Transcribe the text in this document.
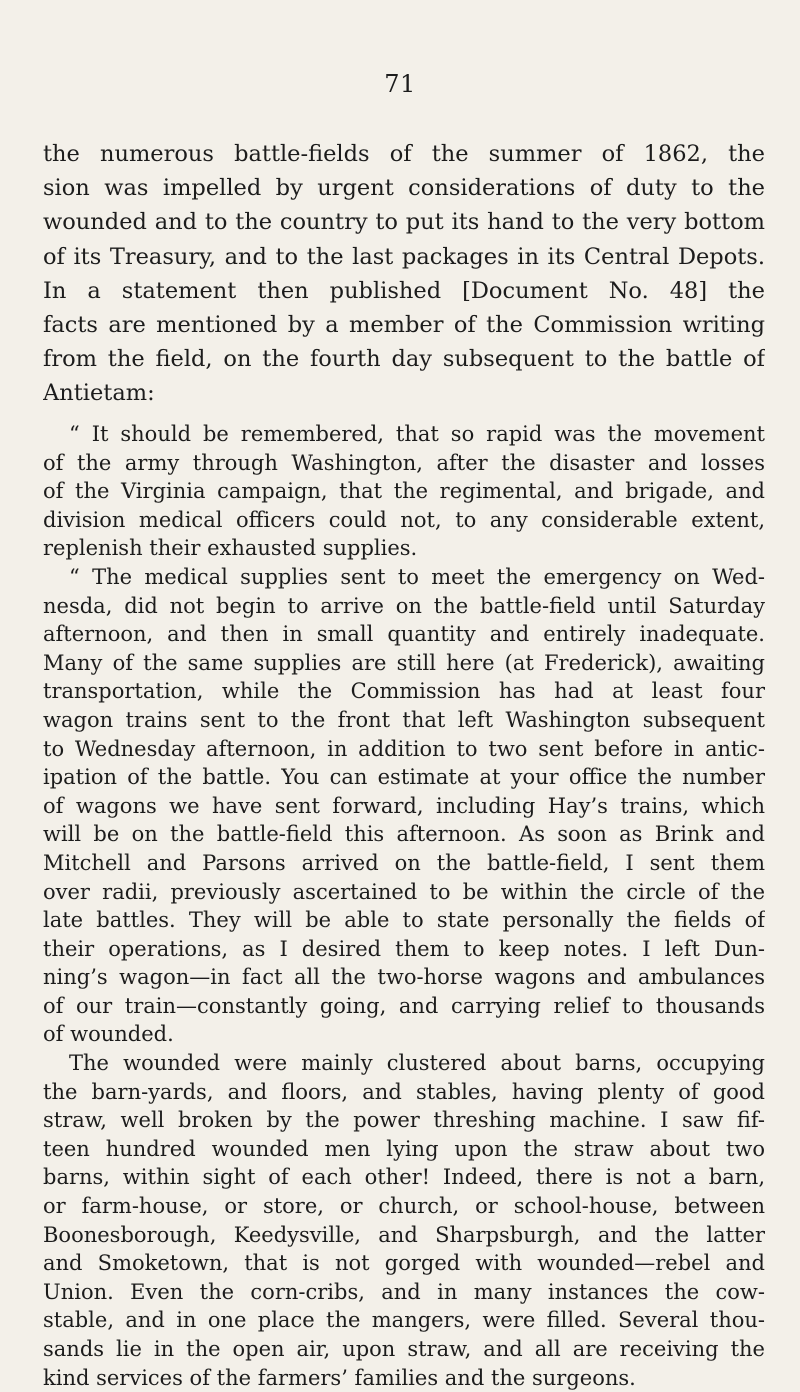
71
the numerous battle-fields of the summer of 1862, the
sion was impelled by urgent considerations of duty to the
wounded and to the country to put its hand to the very bottom
of its Treasury, and to the last packages in its Central Depots.
In a statement then published [Document No. 48] the
facts are mentioned by a member of the Commission writing
from the field, on the fourth day subsequent to the battle of
Antietam:
“ It should be remembered, that so rapid was the movement
of the army through Washington, after the disaster and losses
of the Virginia campaign, that the regimental, and brigade, and
division medical officers could not, to any considerable extent,
replenish their exhausted supplies.
“ The medical supplies sent to meet the emergency on Wed-
nesda, did not begin to arrive on the battle-field until Saturday
afternoon, and then in small quantity and entirely inadequate.
Many of the same supplies are still here (at Frederick), awaiting
transportation, while the Commission has had at least four
wagon trains sent to the front that left Washington subsequent
to Wednesday afternoon, in addition to two sent before in antic-
ipation of the battle. You can estimate at your office the number
of wagons we have sent forward, including Hay’s trains, which
will be on the battle-field this afternoon. As soon as Brink and
Mitchell and Parsons arrived on the battle-field, I sent them
over radii, previously ascertained to be within the circle of the
late battles. They will be able to state personally the fields of
their operations, as I desired them to keep notes. I left Dun-
ning’s wagon—in fact all the two-horse wagons and ambulances
of our train—constantly going, and carrying relief to thousands
of wounded.
The wounded were mainly clustered about barns, occupying
the barn-yards, and floors, and stables, having plenty of good
straw, well broken by the power threshing machine. I saw fif-
teen hundred wounded men lying upon the straw about two
barns, within sight of each other! Indeed, there is not a barn,
or farm-house, or store, or church, or school-house, between
Boonesborough, Keedysville, and Sharpsburgh, and the latter
and Smoketown, that is not gorged with wounded—rebel and
Union. Even the corn-cribs, and in many instances the cow-
stable, and in one place the mangers, were filled. Several thou-
sands lie in the open air, upon straw, and all are receiving the
kind services of the farmers’ families and the surgeons.
